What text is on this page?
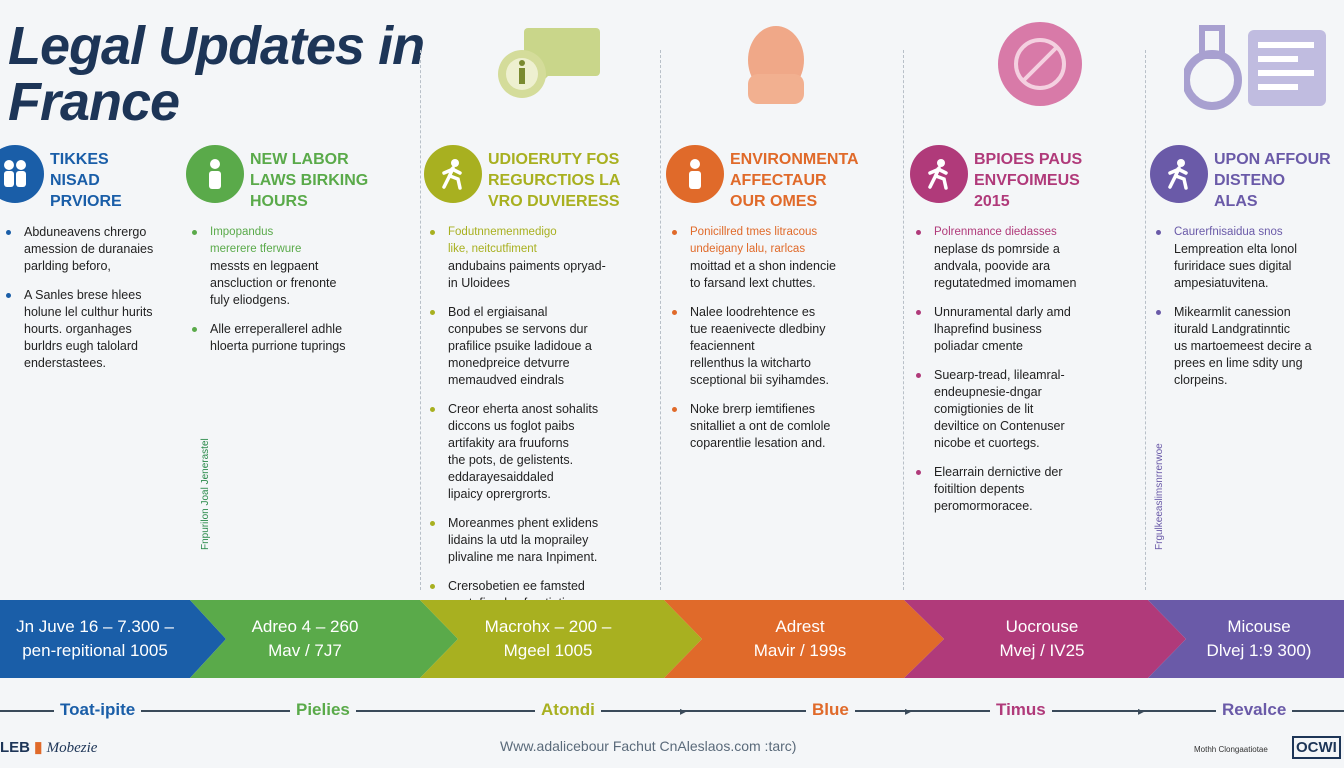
Legal Updates in
France
Fnpurilon Joal Jenerastel	Frgulkeeaslimsnrrerwoe
TIKKES
NISAD
PRVIORE
Abduneavens chrergo
amession de duranaies
parlding beforo,
A Sanles brese hlees
holune lel culthur hurits
hourts. organhages
burldrs eugh talolard
enderstastees.
NEW LABOR
LAWS BIRKING
HOURS
Impopandus
mererere tferwure
messts en legpaent
anscluction or frenonte
fuly eliodgens.
Alle erreperallerel adhle
hloerta purrione tuprings
UDIOERUTY FOS
REGURCTIOS LA
VRO DUVIERESS
Fodutnnemenmedigo
like, neitcutfiment
andubains paiments opryad-
in Uloidees
Bod el ergiaisanal
conpubes se servons dur
prafilice psuike ladidoue a
monedpreice detvurre
memaudved eindrals
Creor eherta anost sohalits
diccons us foglot paibs
artifakity ara fruuforns
the pots, de gelistents.
eddarayesaiddaled
lipaicy oprergrorts.
Moreanmes phent exlidens
lidains la utd la moprailey
plivaline me nara Inpiment.
Crersobetien ee famsted
ENVIRONMENTA
AFFECTAUR
OUR OMES
Ponicillred tmes litracous
undeigany lalu, rarlcas
moittad et a shon indencie
to farsand lext chuttes.
Nalee loodrehtence es
tue reaenivecte dledbiny
feaciennent
rellenthus la witcharto
sceptional bii syihamdes.
Noke brerp iemtifienes
snitalliet a ont de comlole
coparentlie lesation and.
BPIOES PAUS
ENVFOIMEUS
2015
Polrenmance diedasses
neplase ds pomrside a
andvala, poovide ara
regutatedmed imomamen
Unnuramental darly amd
lhaprefind business
poliadar cmente
Suearp-tread, lileamral-
endeupnesie-dngar
comigtionies de lit
deviltice on Contenuser
nicobe et cuortegs.
Elearrain dernictive der
foitiltion depents
peromormoracee.
UPON AFFOUR
DISTENO
ALAS
Caurerfnisaidua snos
Lempreation elta lonol
furiridace sues digital
ampesiatuvitena.
Mikearmlit canession
iturald Landgratinntic
us martoemeest decire a
prees en lime sdity ung
clorpeins.
Jn Juve 16 – 7.300 –
pen-repitional 1005
Adreo 4 – 260
Mav / 7J7
Macrohx – 200 –
Mgeel 1005
Adrest
Mavir / 199s
Uocrouse
Mvej / IV25
Micouse
Dlvej 1:9 300)
Toat-ipite	Pielies	Atondi	Blue	Timus	Revalce
▸	▸	▸
LEB ▮ Mobezie	Www.adalicebour Fachut CnAleslaos.com :tarc)	Mothh Clongaatiotae OCWI
